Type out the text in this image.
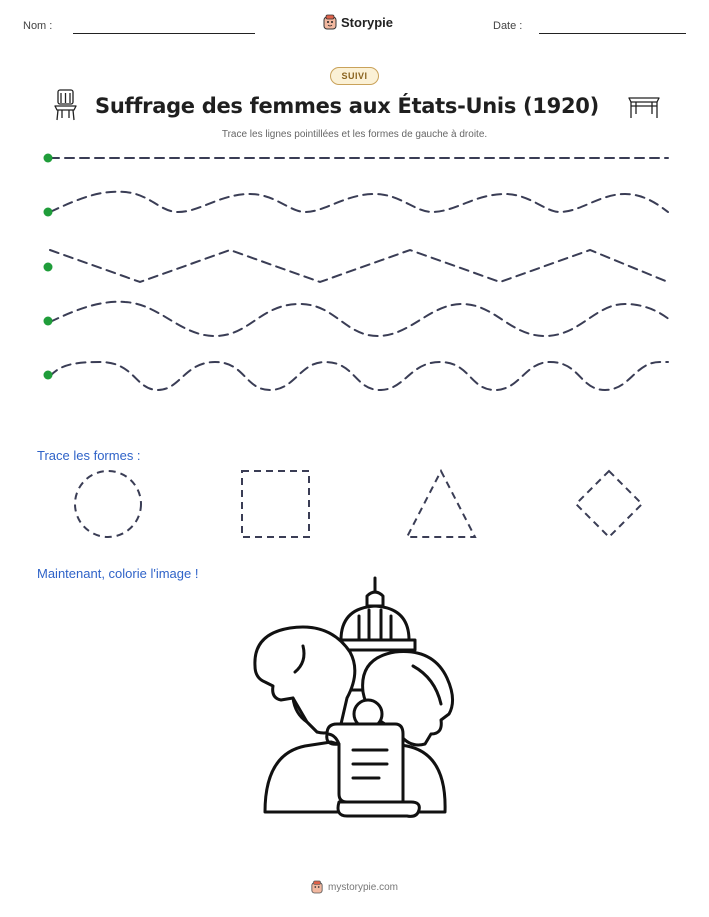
Nom :	Storypie	Date :
SUIVI
Suffrage des femmes aux États-Unis (1920)
Trace les lignes pointillées et les formes de gauche à droite.
Trace les formes :
Maintenant, colorie l'image !
mystorypie.com
